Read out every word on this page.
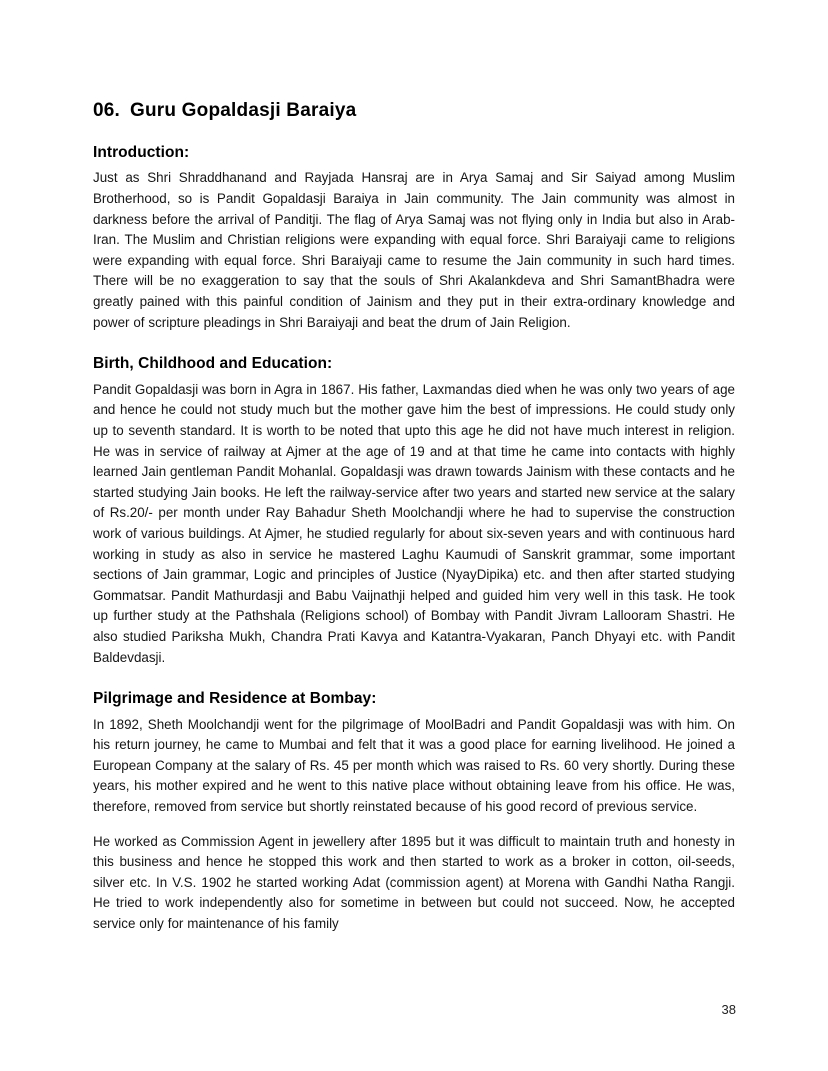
06. Guru Gopaldasji Baraiya
Introduction:

Just as Shri Shraddhanand and Rayjada Hansraj are in Arya Samaj and Sir Saiyad among Muslim Brotherhood, so is Pandit Gopaldasji Baraiya in Jain community. The Jain community was almost in darkness before the arrival of Panditji. The flag of Arya Samaj was not flying only in India but also in Arab-Iran. The Muslim and Christian religions were expanding with equal force. Shri Baraiyaji came to religions were expanding with equal force. Shri Baraiyaji came to resume the Jain community in such hard times. There will be no exaggeration to say that the souls of Shri Akalankdeva and Shri SamantBhadra were greatly pained with this painful condition of Jainism and they put in their extra-ordinary knowledge and power of scripture pleadings in Shri Baraiyaji and beat the drum of Jain Religion.

Birth, Childhood and Education:

Pandit Gopaldasji was born in Agra in 1867. His father, Laxmandas died when he was only two years of age and hence he could not study much but the mother gave him the best of impressions. He could study only up to seventh standard. It is worth to be noted that upto this age he did not have much interest in religion. He was in service of railway at Ajmer at the age of 19 and at that time he came into contacts with highly learned Jain gentleman Pandit Mohanlal. Gopaldasji was drawn towards Jainism with these contacts and he started studying Jain books. He left the railway-service after two years and started new service at the salary of Rs.20/- per month under Ray Bahadur Sheth Moolchandji where he had to supervise the construction work of various buildings. At Ajmer, he studied regularly for about six-seven years and with continuous hard working in study as also in service he mastered Laghu Kaumudi of Sanskrit grammar, some important sections of Jain grammar, Logic and principles of Justice (NyayDipika) etc. and then after started studying Gommatsar. Pandit Mathurdasji and Babu Vaijnathji helped and guided him very well in this task. He took up further study at the Pathshala (Religions school) of Bombay with Pandit Jivram Lallooram Shastri. He also studied Pariksha Mukh, Chandra Prati Kavya and Katantra-Vyakaran, Panch Dhyayi etc. with Pandit Baldevdasji.

Pilgrimage and Residence at Bombay:

In 1892, Sheth Moolchandji went for the pilgrimage of MoolBadri and Pandit Gopaldasji was with him. On his return journey, he came to Mumbai and felt that it was a good place for earning livelihood. He joined a European Company at the salary of Rs. 45 per month which was raised to Rs. 60 very shortly. During these years, his mother expired and he went to this native place without obtaining leave from his office. He was, therefore, removed from service but shortly reinstated because of his good record of previous service.

He worked as Commission Agent in jewellery after 1895 but it was difficult to maintain truth and honesty in this business and hence he stopped this work and then started to work as a broker in cotton, oil-seeds, silver etc. In V.S. 1902 he started working Adat (commission agent) at Morena with Gandhi Natha Rangji. He tried to work independently also for sometime in between but could not succeed. Now, he accepted service only for maintenance of his family

38
